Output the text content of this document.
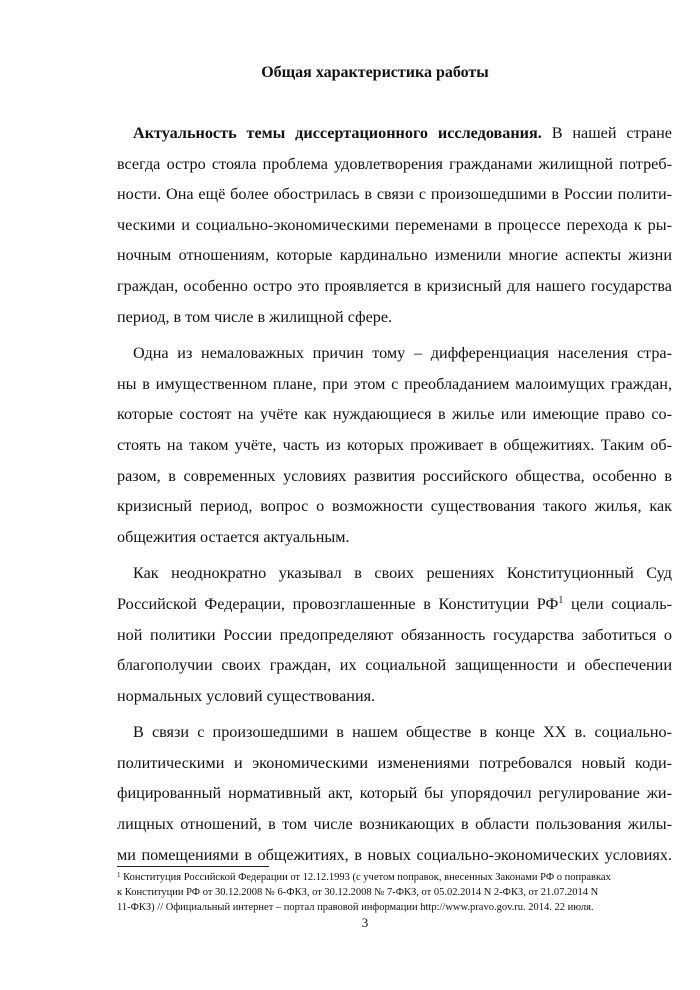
Общая характеристика работы
Актуальность темы диссертационного исследования. В нашей стране
всегда остро стояла проблема удовлетворения гражданами жилищной потреб-
ности. Она ещё более обострилась в связи с произошедшими в России полити-
ческими и социально-экономическими переменами в процессе перехода к ры-
ночным отношениям, которые кардинально изменили многие аспекты жизни
граждан, особенно остро это проявляется в кризисный для нашего государства
период, в том числе в жилищной сфере.
Одна из немаловажных причин тому – дифференциация населения стра-
ны в имущественном плане, при этом с преобладанием малоимущих граждан,
которые состоят на учёте как нуждающиеся в жилье или имеющие право со-
стоять на таком учёте, часть из которых проживает в общежитиях. Таким об-
разом, в современных условиях развития российского общества, особенно в
кризисный период, вопрос о возможности существования такого жилья, как
общежития остается актуальным.
Как неоднократно указывал в своих решениях Конституционный Суд
Российской Федерации, провозглашенные в Конституции РФ$^1$ цели социаль-
ной политики России предопределяют обязанность государства заботиться о
благополучии своих граждан, их социальной защищенности и обеспечении
нормальных условий существования.
В связи с произошедшими в нашем обществе в конце XX в. социально-
политическими и экономическими изменениями потребовался новый коди-
фицированный нормативный акт, который бы упорядочил регулирование жи-
лищных отношений, в том числе возникающих в области пользования жилы-
ми помещениями в общежитиях, в новых социально-экономических условиях.
$^1$ Конституция Российской Федерации от 12.12.1993 (с учетом поправок, внесенных Законами РФ о поправках
к Конституции РФ от 30.12.2008 № 6-ФКЗ, от 30.12.2008 № 7-ФКЗ, от 05.02.2014 N 2-ФКЗ, от 21.07.2014 N
11-ФКЗ) // Официальный интернет – портал правовой информации http://www.pravo.gov.ru. 2014. 22 июля.
3
